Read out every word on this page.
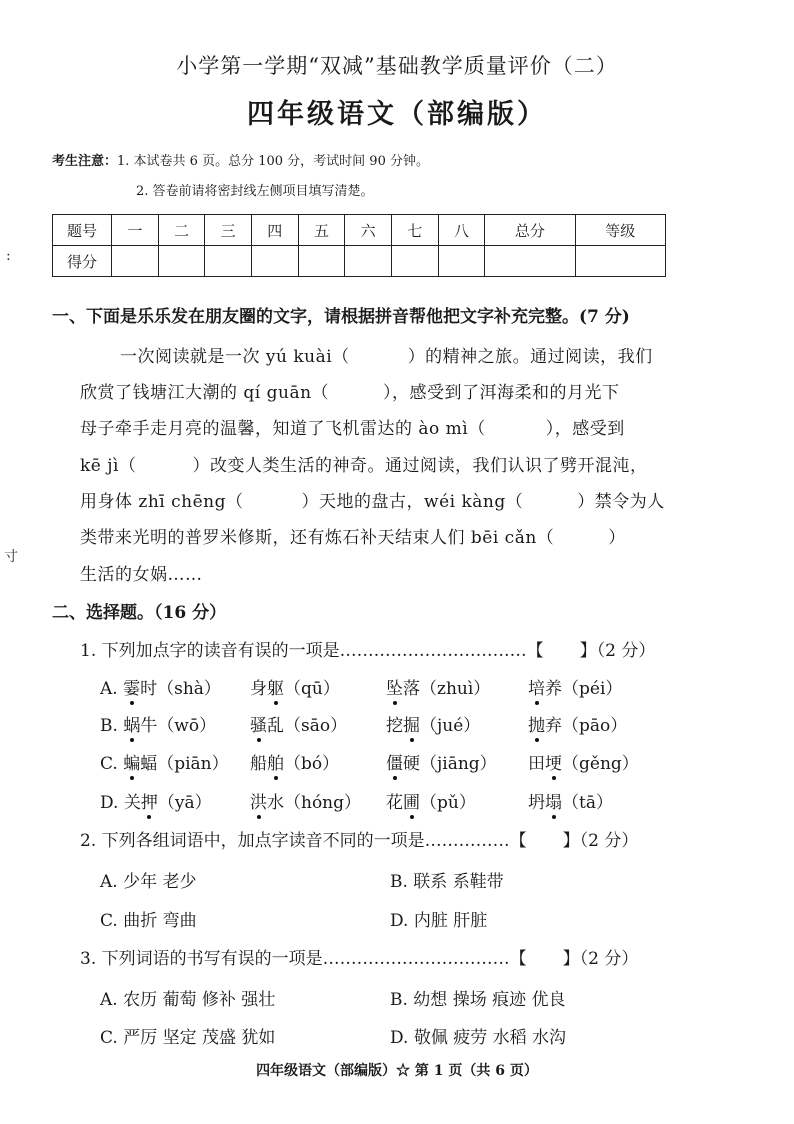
:
寸
小学第一学期“双减”基础教学质量评价（二）
四年级语文（部编版）
考生注意：1. 本试卷共 6 页。总分 100 分，考试时间 90 分钟。
2. 答卷前请将密封线左侧项目填写清楚。
题号	一	二	三	四	五	六	七	八	总分	等级
得分										
一、下面是乐乐发在朋友圈的文字，请根据拼音帮他把文字补充完整。(7 分)
一次阅读就是一次 yú kuài（	）的精神之旅。通过阅读，我们
欣赏了钱塘江大潮的 qí guān（	），感受到了洱海柔和的月光下
母子牵手走月亮的温馨，知道了飞机雷达的 ào mì（	），感受到
kē jì（	）改变人类生活的神奇。通过阅读，我们认识了劈开混沌，
用身体 zhī chēng（	）天地的盘古，wéi kàng（	）禁令为人
类带来光明的普罗米修斯，还有炼石补天结束人们 bēi cǎn（	）
生活的女娲……
二、选择题。（16 分）
1. 下列加点字的读音有误的一项是……………………………【 】（2 分）
A. 霎时（shà） 身躯（qū）	坠落（zhuì） 培养（péi）
B. 蜗牛（wō） 骚乱（sāo） 挖掘（jué）	抛弃（pāo）
C. 蝙蝠（piān） 船舶（bó）	僵硬（jiāng） 田埂（gěng）
D. 关押（yā） 洪水（hóng） 花圃（pǔ）	坍塌（tā）
2. 下列各组词语中，加点字读音不同的一项是……………【 】（2 分）
A. 少年 老少	B. 联系 系鞋带
C. 曲折 弯曲	D. 内脏 肝脏
3. 下列词语的书写有误的一项是……………………………【 】（2 分）
A. 农历 葡萄 修补 强壮	B. 幼想 操场 痕迹 优良
C. 严厉 坚定 茂盛 犹如	D. 敬佩 疲劳 水稻 水沟
四年级语文（部编版）☆ 第 1 页（共 6 页）
